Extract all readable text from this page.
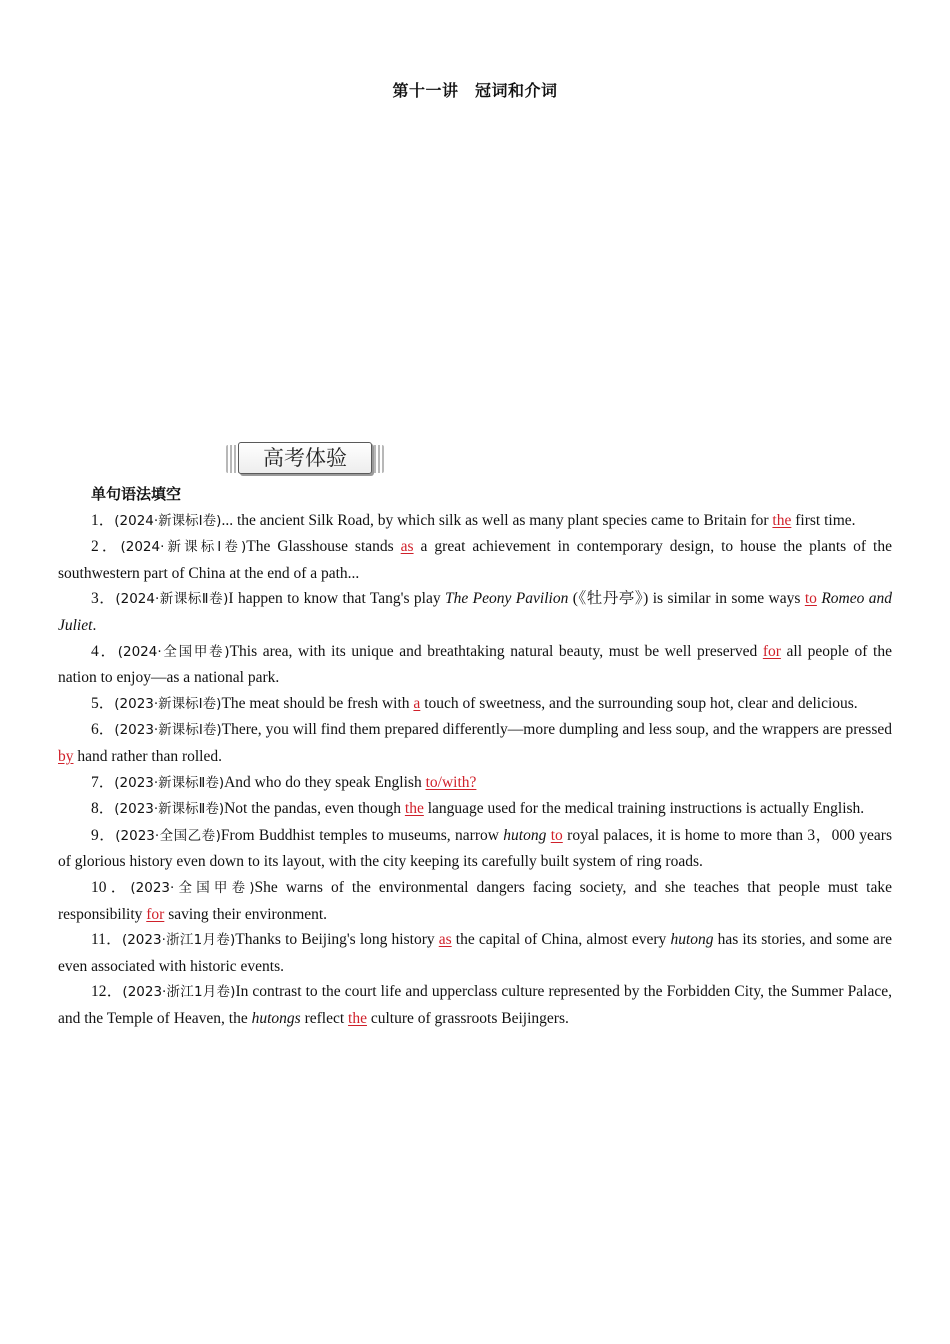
第十一讲　冠词和介词
高考体验
单句语法填空

1．(2024·新课标Ⅰ卷)... the ancient Silk Road, by which silk as well as many plant species came to Britain for the first time.

2．(2024·新课标Ⅰ卷)The Glasshouse stands as a great achievement in contemporary design, to house the plants of the southwestern part of China at the end of a path...

3．(2024·新课标Ⅱ卷)I happen to know that Tang's play The Peony Pavilion (《牡丹亭》) is similar in some ways to Romeo and Juliet.

4．(2024·全国甲卷)This area, with its unique and breathtaking natural beauty, must be well preserved for all people of the nation to enjoy—as a national park.

5．(2023·新课标Ⅰ卷)The meat should be fresh with a touch of sweetness, and the surrounding soup hot, clear and delicious.

6．(2023·新课标Ⅰ卷)There, you will find them prepared differently—more dumpling and less soup, and the wrappers are pressed by hand rather than rolled.

7．(2023·新课标Ⅱ卷)And who do they speak English to/with?

8．(2023·新课标Ⅱ卷)Not the pandas, even though the language used for the medical training instructions is actually English.

9．(2023·全国乙卷)From Buddhist temples to museums, narrow hutong to royal palaces, it is home to more than 3，000 years of glorious history even down to its layout, with the city keeping its carefully built system of ring roads.

10．(2023·全国甲卷)She warns of the environmental dangers facing society, and she teaches that people must take responsibility for saving their environment.

11．(2023·浙江1月卷)Thanks to Beijing's long history as the capital of China, almost every hutong has its stories, and some are even associated with historic events.

12．(2023·浙江1月卷)In contrast to the court life and upperclass culture represented by the Forbidden City, the Summer Palace, and the Temple of Heaven, the hutongs reflect the culture of grassroots Beijingers.
